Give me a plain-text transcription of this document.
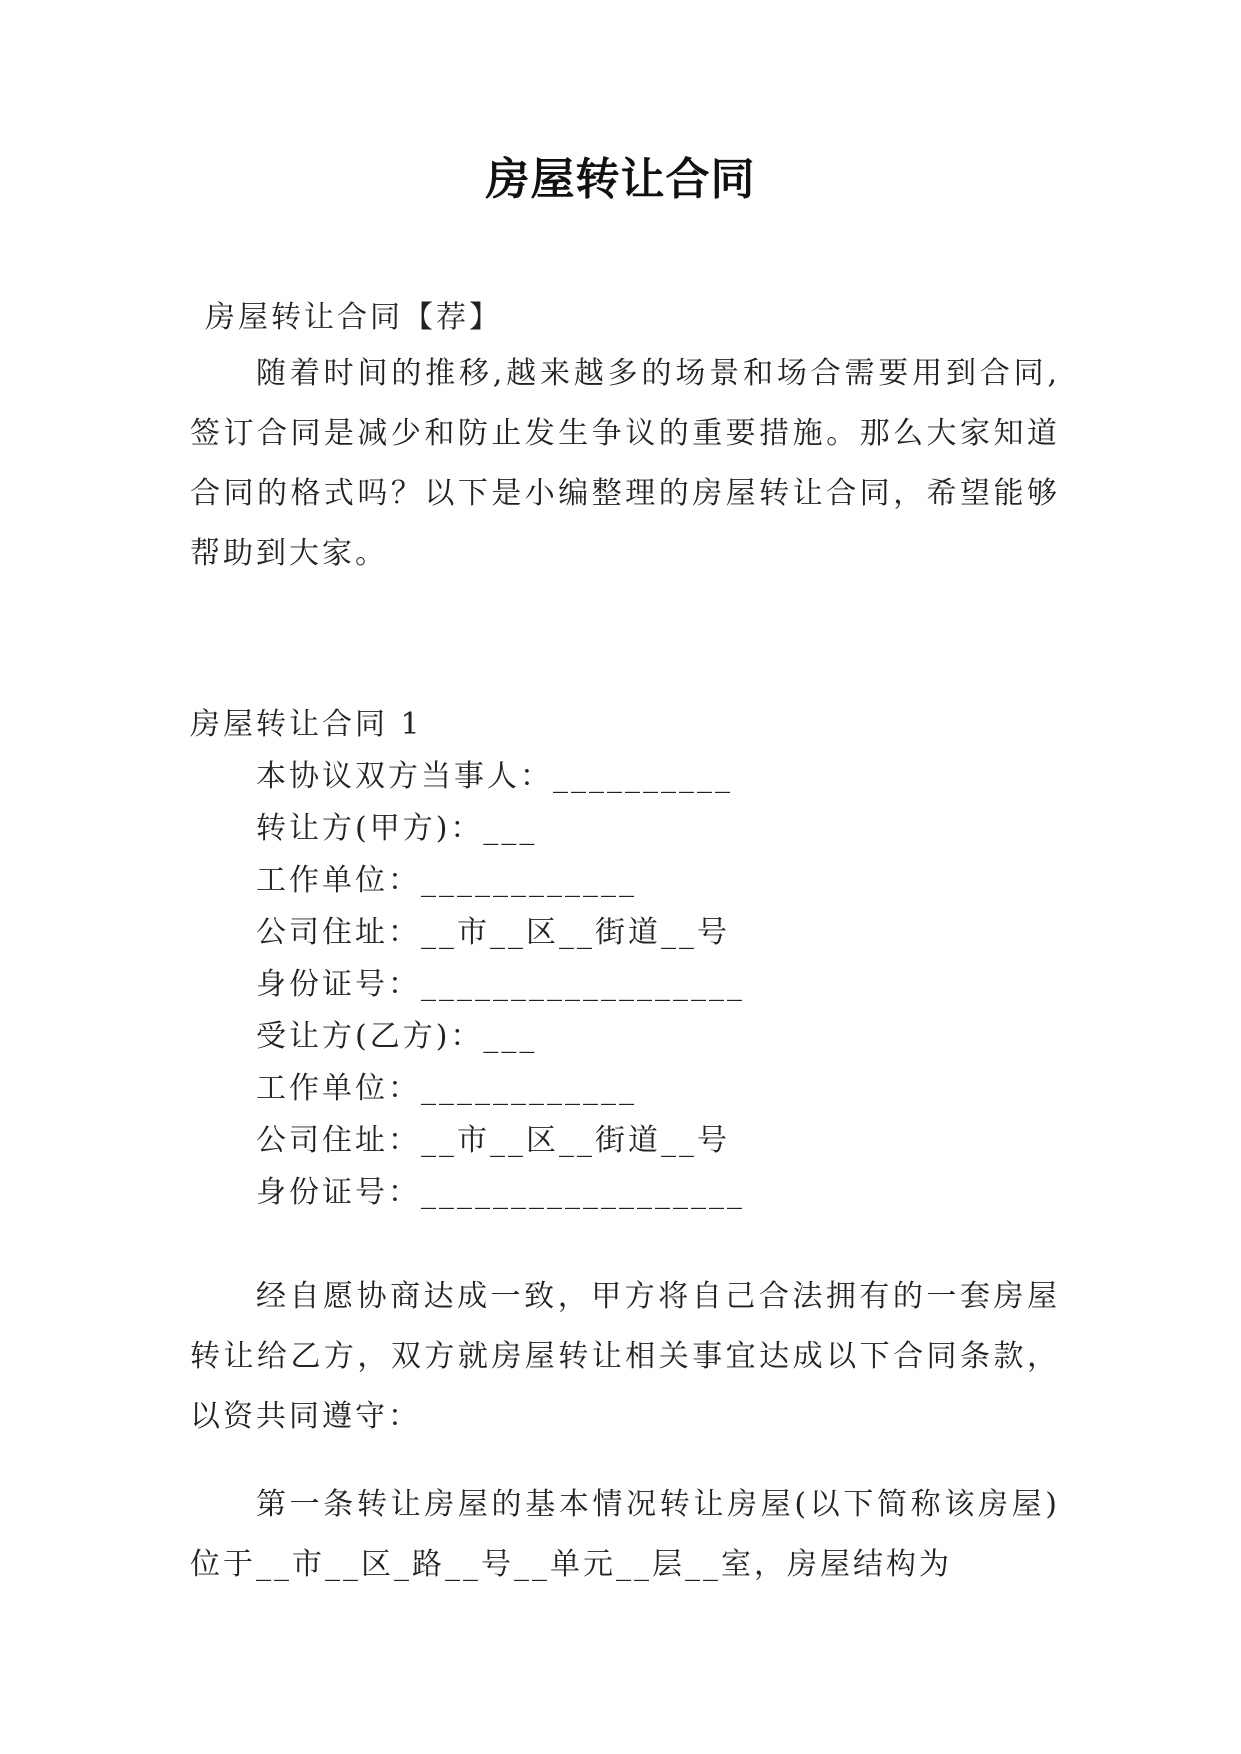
房屋转让合同
房屋转让合同【荐】
随着时间的推移,越来越多的场景和场合需要用到合同,签订合同是减少和防止发生争议的重要措施。那么大家知道合同的格式吗？以下是小编整理的房屋转让合同，希望能够帮助到大家。
房屋转让合同 1
本协议双方当事人：__________
转让方(甲方)：___
工作单位：____________
公司住址：__市__区__街道__号
身份证号：__________________
受让方(乙方)：___
工作单位：____________
公司住址：__市__区__街道__号
身份证号：__________________
经自愿协商达成一致，甲方将自己合法拥有的一套房屋转让给乙方，双方就房屋转让相关事宜达成以下合同条款，以资共同遵守：
第一条转让房屋的基本情况转让房屋(以下简称该房屋)位于__市__区_路__号__单元__层__室，房屋结构为
